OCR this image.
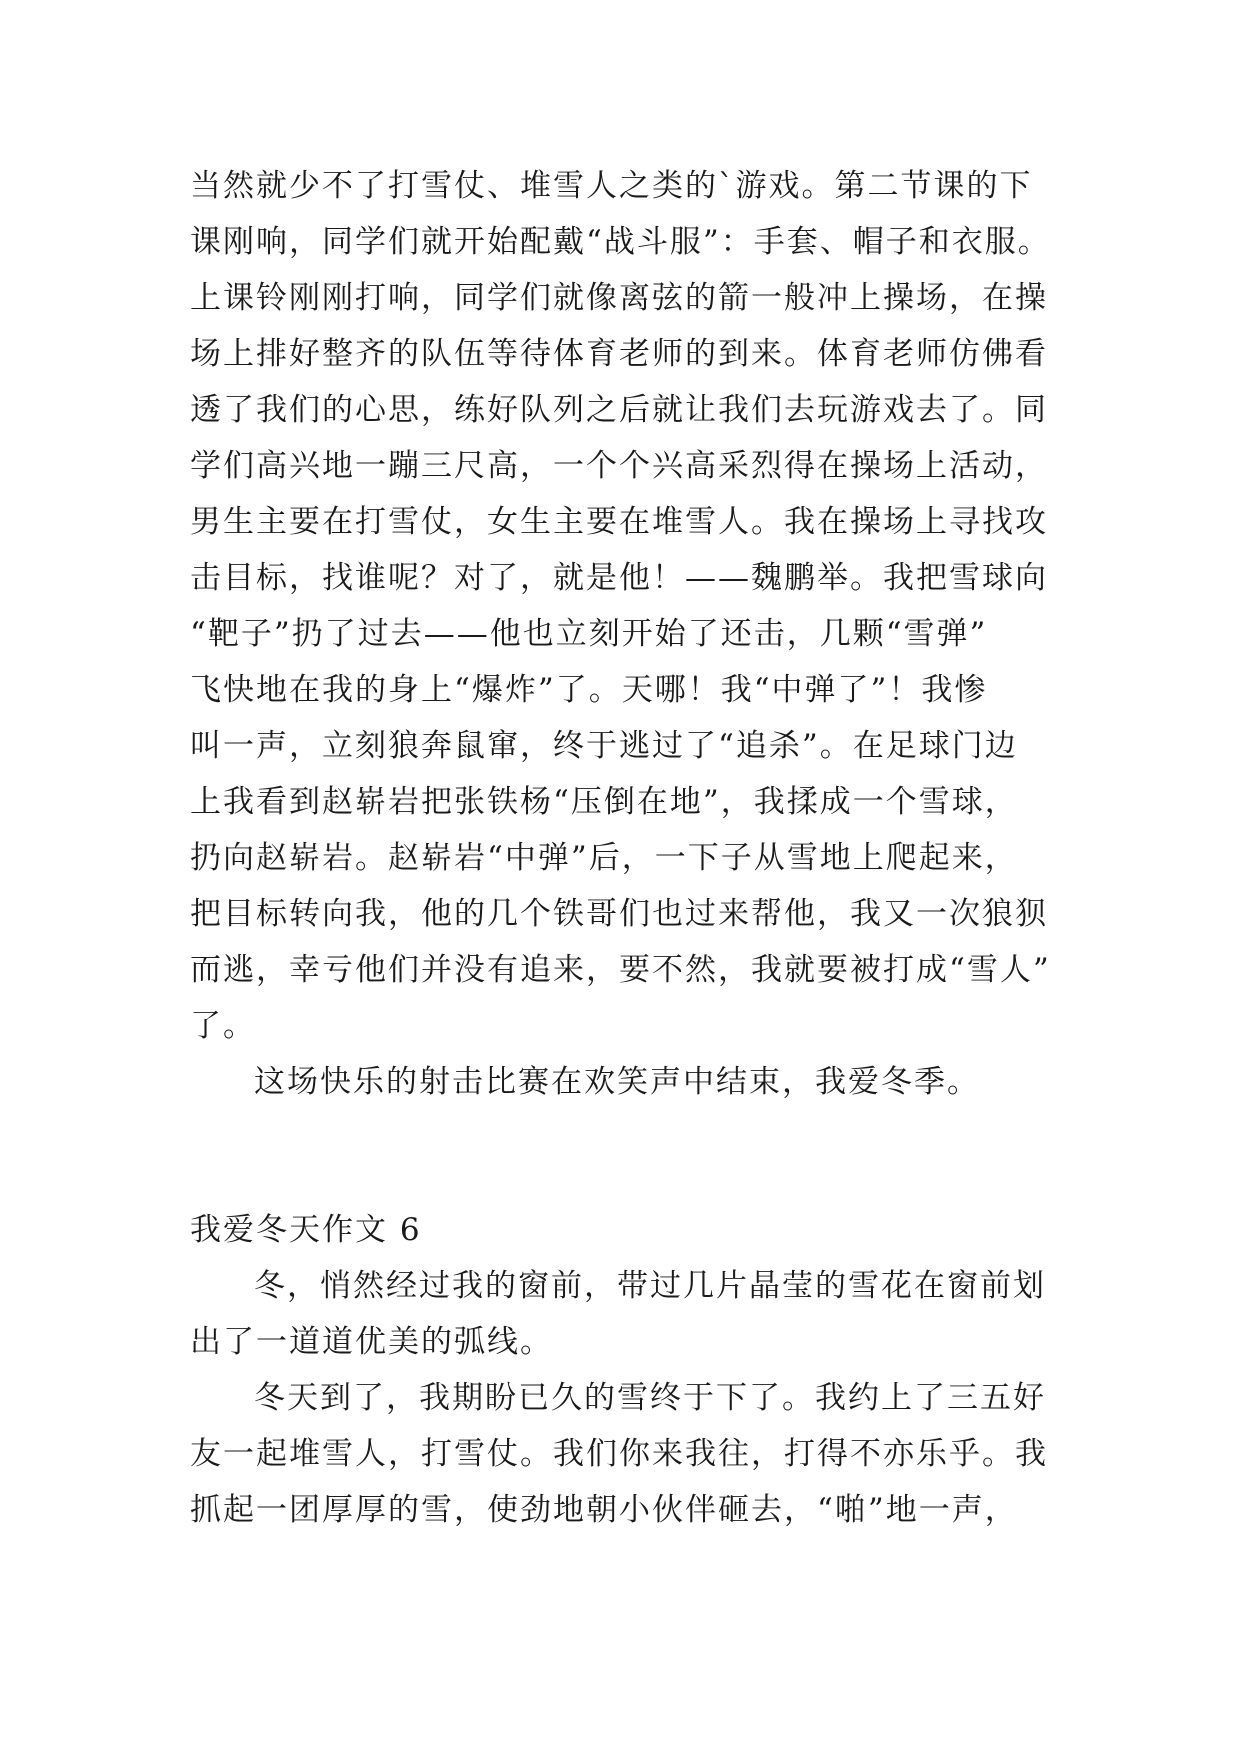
当然就少不了打雪仗、堆雪人之类的`游戏。第二节课的下
课刚响，同学们就开始配戴“战斗服”：手套、帽子和衣服。
上课铃刚刚打响，同学们就像离弦的箭一般冲上操场，在操
场上排好整齐的队伍等待体育老师的到来。体育老师仿佛看
透了我们的心思，练好队列之后就让我们去玩游戏去了。同
学们高兴地一蹦三尺高，一个个兴高采烈得在操场上活动，
男生主要在打雪仗，女生主要在堆雪人。我在操场上寻找攻
击目标，找谁呢？对了，就是他！——魏鹏举。我把雪球向
“靶子”扔了过去——他也立刻开始了还击，几颗“雪弹”
飞快地在我的身上“爆炸”了。天哪！我“中弹了”！我惨
叫一声，立刻狼奔鼠窜，终于逃过了“追杀”。在足球门边
上我看到赵崭岩把张铁杨“压倒在地”，我揉成一个雪球，
扔向赵崭岩。赵崭岩“中弹”后，一下子从雪地上爬起来，
把目标转向我，他的几个铁哥们也过来帮他，我又一次狼狈
而逃，幸亏他们并没有追来，要不然，我就要被打成“雪人”
了。
这场快乐的射击比赛在欢笑声中结束，我爱冬季。
我爱冬天作文 6
冬，悄然经过我的窗前，带过几片晶莹的雪花在窗前划
出了一道道优美的弧线。
冬天到了，我期盼已久的雪终于下了。我约上了三五好
友一起堆雪人，打雪仗。我们你来我往，打得不亦乐乎。我
抓起一团厚厚的雪，使劲地朝小伙伴砸去，“啪”地一声，
